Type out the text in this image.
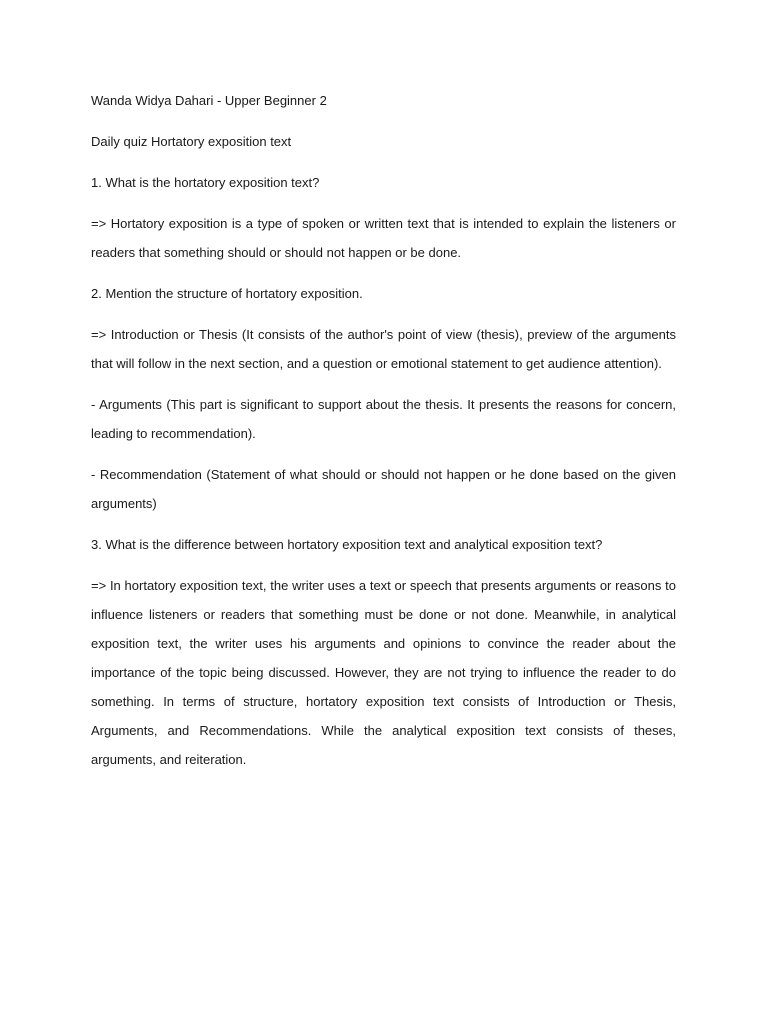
Wanda Widya Dahari - Upper Beginner 2

Daily quiz Hortatory exposition text

1. What is the hortatory exposition text?

=> Hortatory exposition is a type of spoken or written text that is intended to explain the listeners or readers that something should or should not happen or be done.

2. Mention the structure of hortatory exposition.

=> Introduction or Thesis (It consists of the author's point of view (thesis), preview of the arguments that will follow in the next section, and a question or emotional statement to get audience attention).

- Arguments (This part is significant to support about the thesis. It presents the reasons for concern, leading to recommendation).

- Recommendation (Statement of what should or should not happen or he done based on the given arguments)

3. What is the difference between hortatory exposition text and analytical exposition text?

=> In hortatory exposition text, the writer uses a text or speech that presents arguments or reasons to influence listeners or readers that something must be done or not done. Meanwhile, in analytical exposition text, the writer uses his arguments and opinions to convince the reader about the importance of the topic being discussed. However, they are not trying to influence the reader to do something. In terms of structure, hortatory exposition text consists of Introduction or Thesis, Arguments, and Recommendations. While the analytical exposition text consists of theses, arguments, and reiteration.
